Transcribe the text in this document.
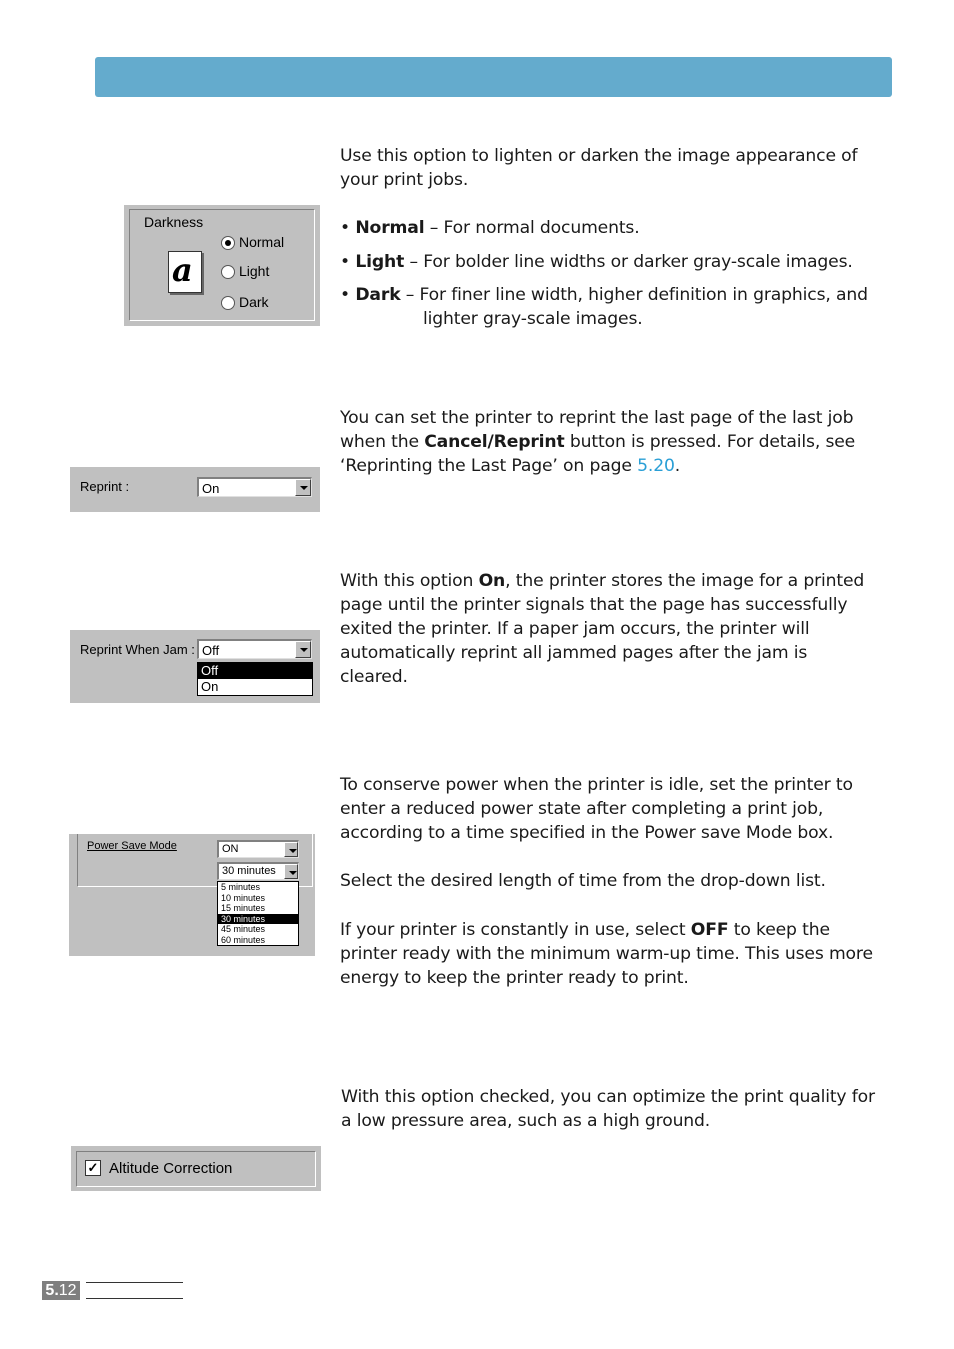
Use this option to lighten or darken the image appearance of your print jobs.

• Normal – For normal documents.
• Light – For bolder line widths or darker gray-scale images.
• Dark – For finer line width, higher definition in graphics, and
lighter gray-scale images.
Darkness
a
Normal
Light
Dark

You can set the printer to reprint the last page of the last job when the Cancel/Reprint button is pressed. For details, see ‘Reprinting the Last Page’ on page 5.20.

Reprint :	On

With this option On, the printer stores the image for a printed page until the printer signals that the page has successfully exited the printer. If a paper jam occurs, the printer will automatically reprint all jammed pages after the jam is cleared.

Reprint When Jam : Off
Off
On

To conserve power when the printer is idle, set the printer to enter a reduced power state after completing a print job, according to a time specified in the Power save Mode box.

Select the desired length of time from the drop-down list.

If your printer is constantly in use, select OFF to keep the printer ready with the minimum warm-up time. This uses more energy to keep the printer ready to print.

Power Save Mode	ON
30 minutes
5 minutes
10 minutes
15 minutes
30 minutes
45 minutes
60 minutes

With this option checked, you can optimize the print quality for a low pressure area, such as a high ground.

✓ Altitude Correction
5.12
